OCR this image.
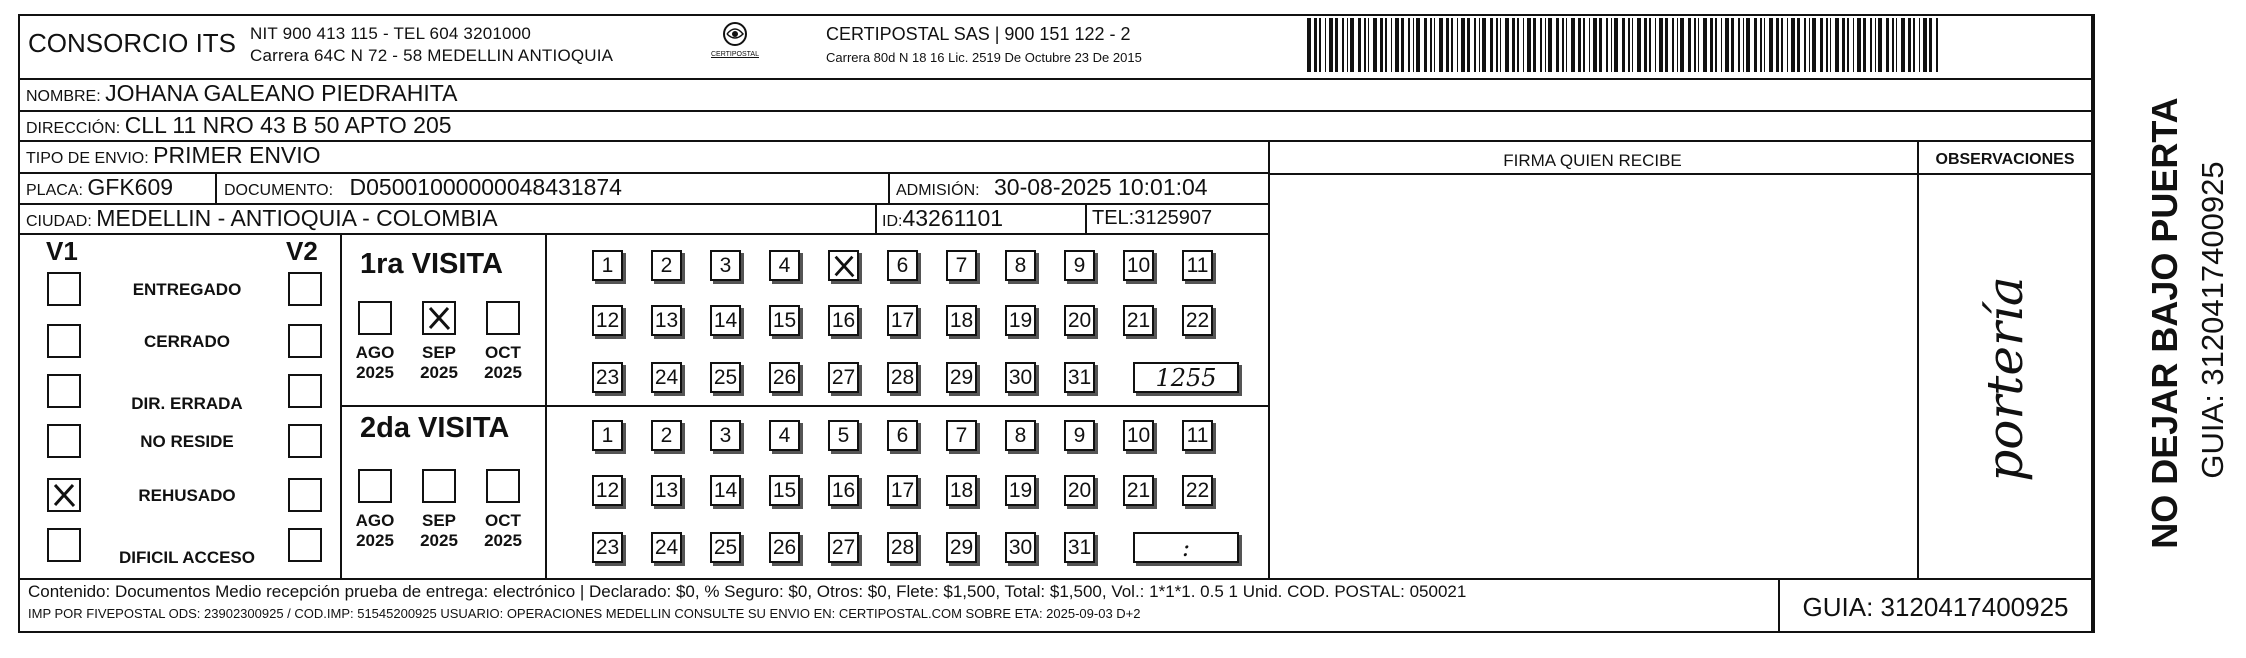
CONSORCIO ITS NIT 900 413 115 - TEL 604 3201000
Carrera 64C N 72 - 58 MEDELLIN ANTIOQUIA	CERTIPOSTAL
CERTIPOSTAL SAS | 900 151 122 - 2
Carrera 80d N 18 16 Lic. 2519 De Octubre 23 De 2015
NOMBRE: JOHANA GALEANO PIEDRAHITA
DIRECCIÓN: CLL 11 NRO 43 B 50 APTO 205
TIPO DE ENVIO: PRIMER ENVIO
PLACA: GFK609	DOCUMENTO: D05001000000048431874	ADMISIÓN: 30-08-2025 10:01:04
CIUDAD: MEDELLIN - ANTIOQUIA - COLOMBIA	ID:43261101	TEL:3125907
FIRMA QUIEN RECIBE	OBSERVACIONES
portería	NO DEJAR BAJO PUERTA GUIA: 3120417400925
V1	V2
ENTREGADO
CERRADO
DIR. ERRADA
NO RESIDE
REHUSADO
DIFICIL ACCESO
1ra VISITA
AGO
2025
SEP
2025
OCT
2025
1	2	3	4	6	7	8	9	10 11
12 13 14 15 16 17 18 19 20 21 22
23 24 25 26 27 28 29 30 31	1255
2da VISITA
AGO
2025
SEP
2025
OCT
2025
1	2	3	4	5	6	7	8	9	10 11
12 13 14 15 16 17 18 19 20 21 22
23 24 25 26 27 28 29 30 31	:
Contenido: Documentos Medio recepción prueba de entrega: electrónico | Declarado: $0, % Seguro: $0, Otros: $0, Flete: $1,500, Total: $1,500, Vol.: 1*1*1. 0.5 1 Unid. COD. POSTAL: 050021
IMP POR FIVEPOSTAL ODS: 23902300925 / COD.IMP: 51545200925 USUARIO: OPERACIONES MEDELLIN CONSULTE SU ENVIO EN: CERTIPOSTAL.COM SOBRE ETA: 2025-09-03 D+2	GUIA: 3120417400925
